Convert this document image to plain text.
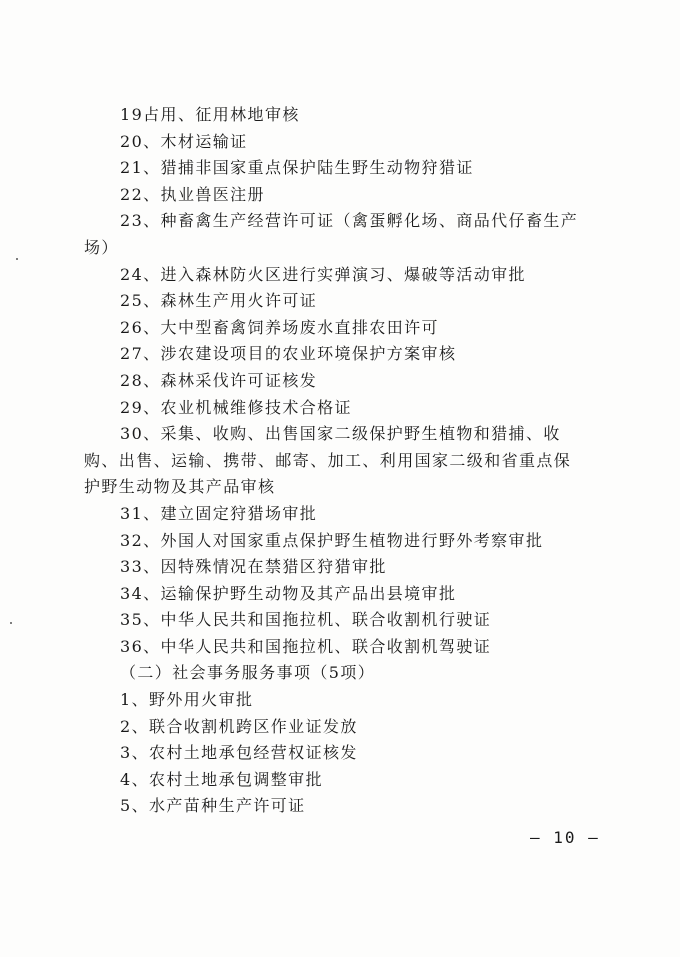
19占用、征用林地审核
20、木材运输证
21、猎捕非国家重点保护陆生野生动物狩猎证
22、执业兽医注册
23、种畜禽生产经营许可证（禽蛋孵化场、商品代仔畜生产
场）
24、进入森林防火区进行实弹演习、爆破等活动审批
25、森林生产用火许可证
26、大中型畜禽饲养场废水直排农田许可
27、涉农建设项目的农业环境保护方案审核
28、森林采伐许可证核发
29、农业机械维修技术合格证
30、采集、收购、出售国家二级保护野生植物和猎捕、收
购、出售、运输、携带、邮寄、加工、利用国家二级和省重点保
护野生动物及其产品审核
31、建立固定狩猎场审批
32、外国人对国家重点保护野生植物进行野外考察审批
33、因特殊情况在禁猎区狩猎审批
34、运输保护野生动物及其产品出县境审批
35、中华人民共和国拖拉机、联合收割机行驶证
36、中华人民共和国拖拉机、联合收割机驾驶证
（二）社会事务服务事项（5项）
1、野外用火审批
2、联合收割机跨区作业证发放
3、农村土地承包经营权证核发
4、农村土地承包调整审批
5、水产苗种生产许可证
— 10 —
